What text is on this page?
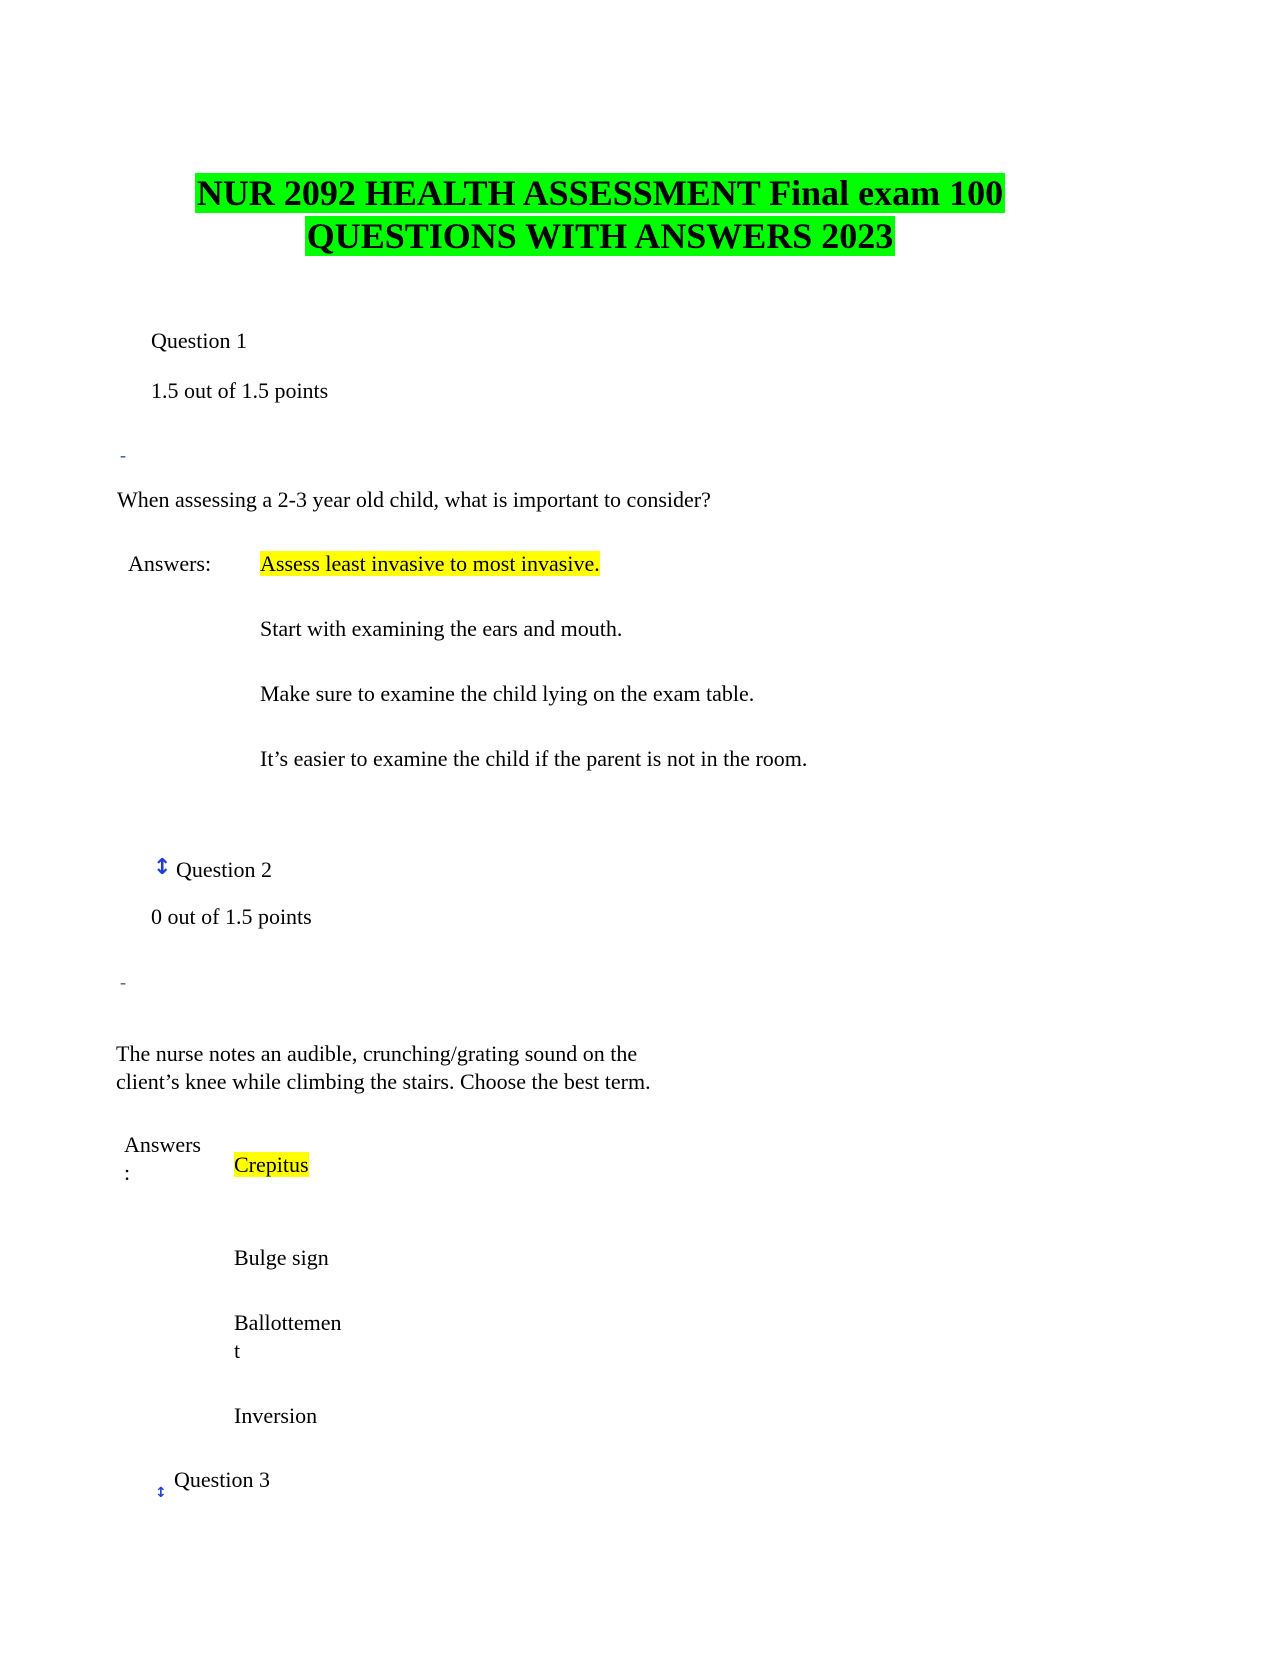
NUR 2092 HEALTH ASSESSMENT Final exam 100
QUESTIONS WITH ANSWERS 2023
Question 1
1.5 out of 1.5 points
-
When assessing a 2-3 year old child, what is important to consider?
Answers: Assess least invasive to most invasive.
Start with examining the ears and mouth.
Make sure to examine the child lying on the exam table.
It’s easier to examine the child if the parent is not in the room.
↕ Question 2
0 out of 1.5 points
-
The nurse notes an audible, crunching/grating sound on the
client’s knee while climbing the stairs. Choose the best term.
Answers
:	Crepitus
Bulge sign
Ballottemen
t
Inversion
↕
Question 3
